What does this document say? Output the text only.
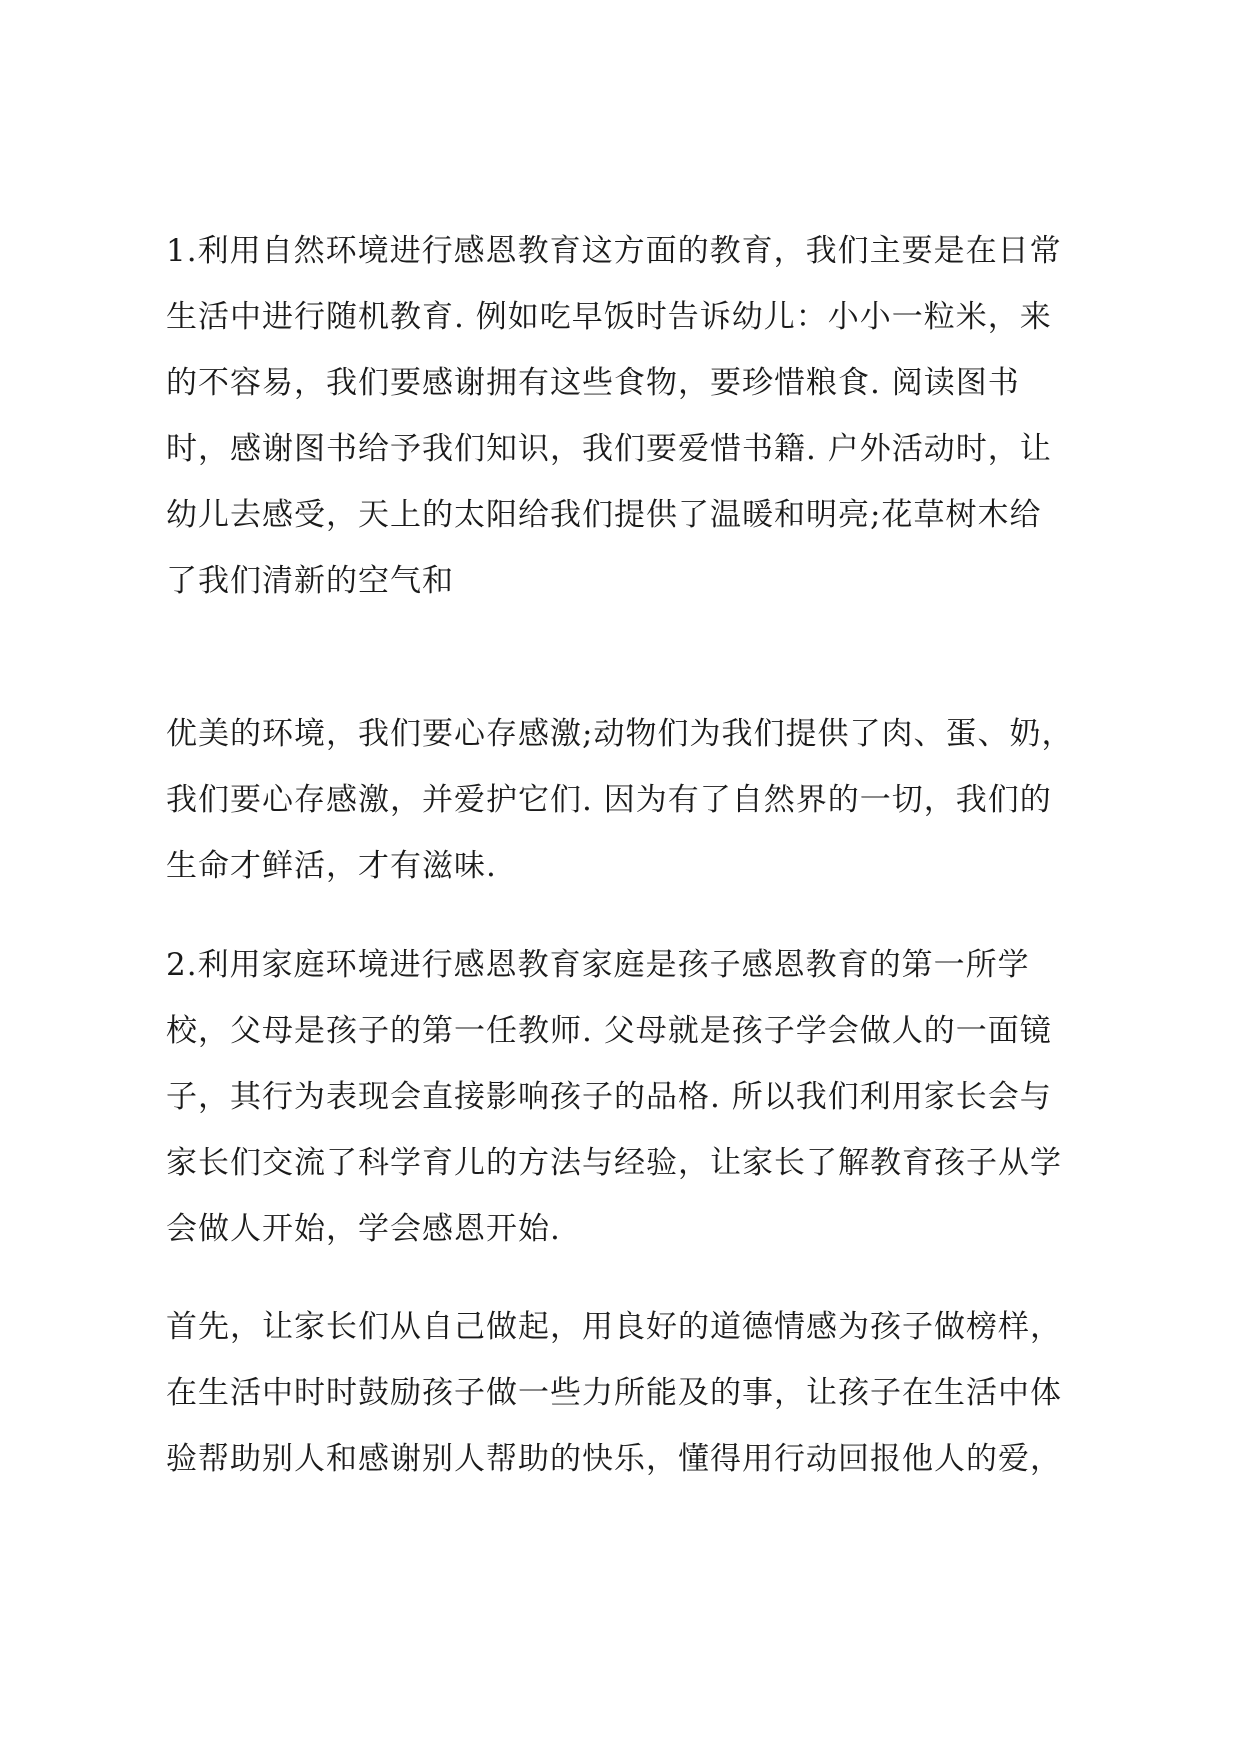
1.利用自然环境进行感恩教育这方面的教育，我们主要是在日常
生活中进行随机教育. 例如吃早饭时告诉幼儿：小小一粒米，来
的不容易，我们要感谢拥有这些食物，要珍惜粮食. 阅读图书
时，感谢图书给予我们知识，我们要爱惜书籍. 户外活动时，让
幼儿去感受，天上的太阳给我们提供了温暖和明亮;花草树木给
了我们清新的空气和

优美的环境，我们要心存感激;动物们为我们提供了肉、蛋、奶，
我们要心存感激，并爱护它们. 因为有了自然界的一切，我们的
生命才鲜活，才有滋味.

2.利用家庭环境进行感恩教育家庭是孩子感恩教育的第一所学
校，父母是孩子的第一任教师. 父母就是孩子学会做人的一面镜
子，其行为表现会直接影响孩子的品格. 所以我们利用家长会与
家长们交流了科学育儿的方法与经验，让家长了解教育孩子从学
会做人开始，学会感恩开始.

首先，让家长们从自己做起，用良好的道德情感为孩子做榜样，
在生活中时时鼓励孩子做一些力所能及的事，让孩子在生活中体
验帮助别人和感谢别人帮助的快乐，懂得用行动回报他人的爱，
